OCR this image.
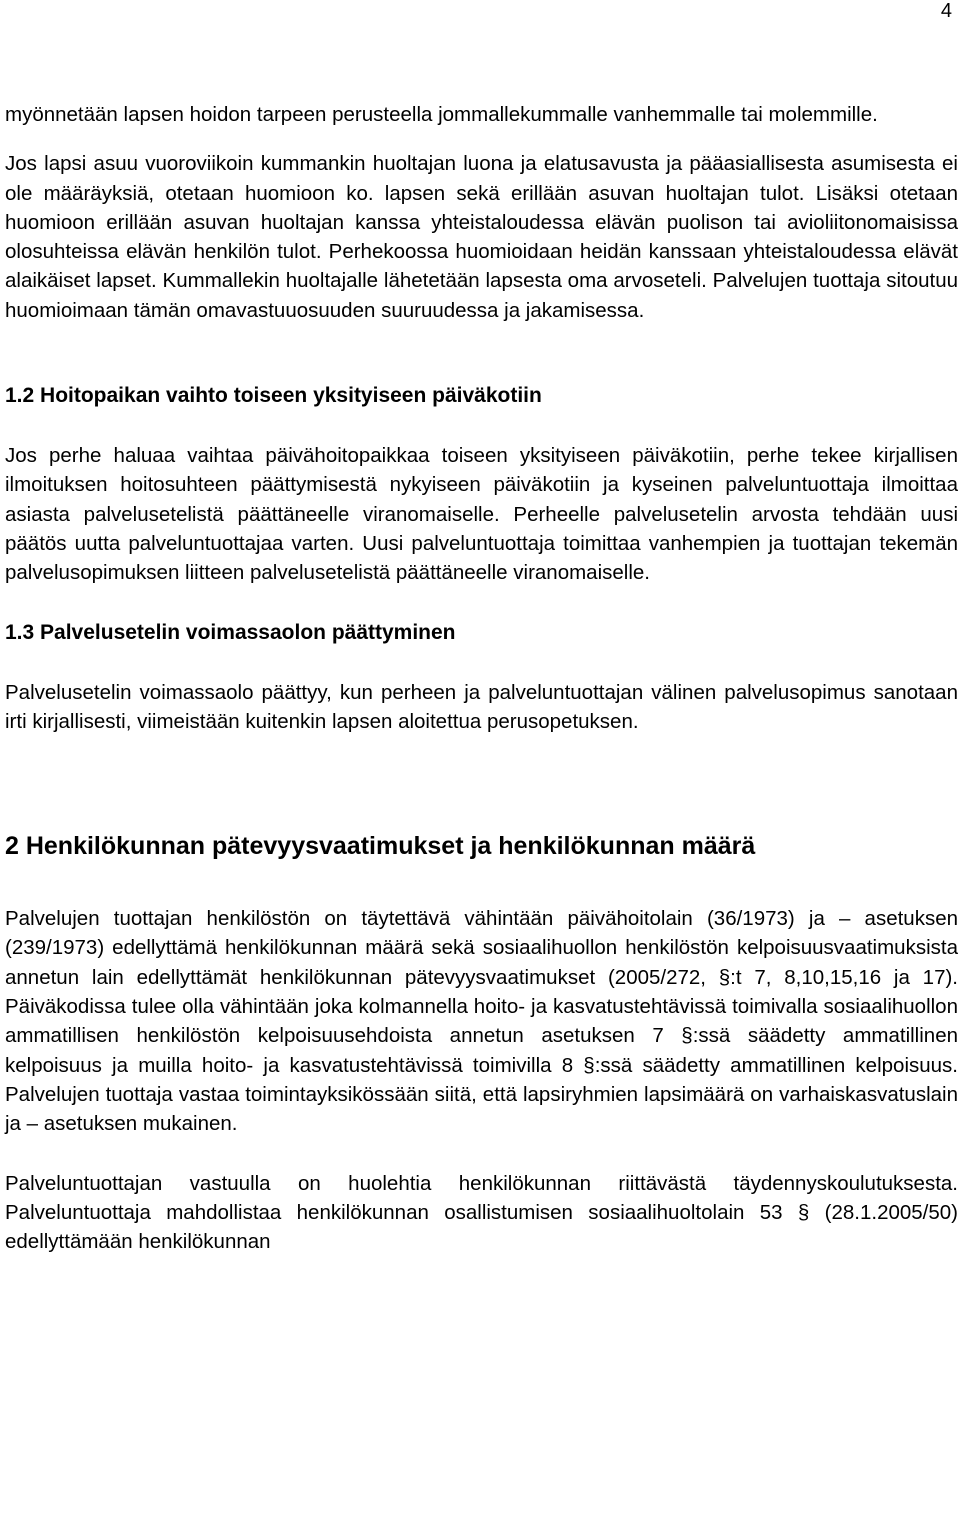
4

myönnetään lapsen hoidon tarpeen perusteella jommallekummalle vanhemmalle tai molemmille.

Jos lapsi asuu vuoroviikoin kummankin huoltajan luona ja elatusavusta ja pääasiallisesta asumisesta ei ole määräyksiä, otetaan huomioon ko. lapsen sekä erillään asuvan huoltajan tulot. Lisäksi otetaan huomioon erillään asuvan huoltajan kanssa yhteistaloudessa elävän puolison tai avioliitonomaisissa olosuhteissa elävän henkilön tulot. Perhekoossa huomioidaan heidän kanssaan yhteistaloudessa elävät alaikäiset lapset. Kummallekin huoltajalle lähetetään lapsesta oma arvoseteli. Palvelujen tuottaja sitoutuu huomioimaan tämän omavastuuosuuden suuruudessa ja jakamisessa.

1.2 Hoitopaikan vaihto toiseen yksityiseen päiväkotiin

Jos perhe haluaa vaihtaa päivähoitopaikkaa toiseen yksityiseen päiväkotiin, perhe tekee kirjallisen ilmoituksen hoitosuhteen päättymisestä nykyiseen päiväkotiin ja kyseinen palveluntuottaja ilmoittaa asiasta palvelusetelistä päättäneelle viranomaiselle. Perheelle palvelusetelin arvosta tehdään uusi päätös uutta palveluntuottajaa varten. Uusi palveluntuottaja toimittaa vanhempien ja tuottajan tekemän palvelusopimuksen liitteen palvelusetelistä päättäneelle viranomaiselle.

1.3 Palvelusetelin voimassaolon päättyminen

Palvelusetelin voimassaolo päättyy, kun perheen ja palveluntuottajan välinen palvelusopimus sanotaan irti kirjallisesti, viimeistään kuitenkin lapsen aloitettua perusopetuksen.

2 Henkilökunnan pätevyysvaatimukset ja henkilökunnan määrä

Palvelujen tuottajan henkilöstön on täytettävä vähintään päivähoitolain (36/1973) ja – asetuksen (239/1973) edellyttämä henkilökunnan määrä sekä sosiaalihuollon henkilöstön kelpoisuusvaatimuksista annetun lain edellyttämät henkilökunnan pätevyysvaatimukset (2005/272, §:t 7, 8,10,15,16 ja 17). Päiväkodissa tulee olla vähintään joka kolmannella hoito- ja kasvatustehtävissä toimivalla sosiaalihuollon ammatillisen henkilöstön kelpoisuusehdoista annetun asetuksen 7 §:ssä säädetty ammatillinen kelpoisuus ja muilla hoito- ja kasvatustehtävissä toimivilla 8 §:ssä säädetty ammatillinen kelpoisuus. Palvelujen tuottaja vastaa toimintayksikössään siitä, että lapsiryhmien lapsimäärä on varhaiskasvatuslain ja – asetuksen mukainen.

Palveluntuottajan vastuulla on huolehtia henkilökunnan riittävästä täydennyskoulutuksesta. Palveluntuottaja mahdollistaa henkilökunnan osallistumisen sosiaalihuoltolain 53 § (28.1.2005/50) edellyttämään henkilökunnan
